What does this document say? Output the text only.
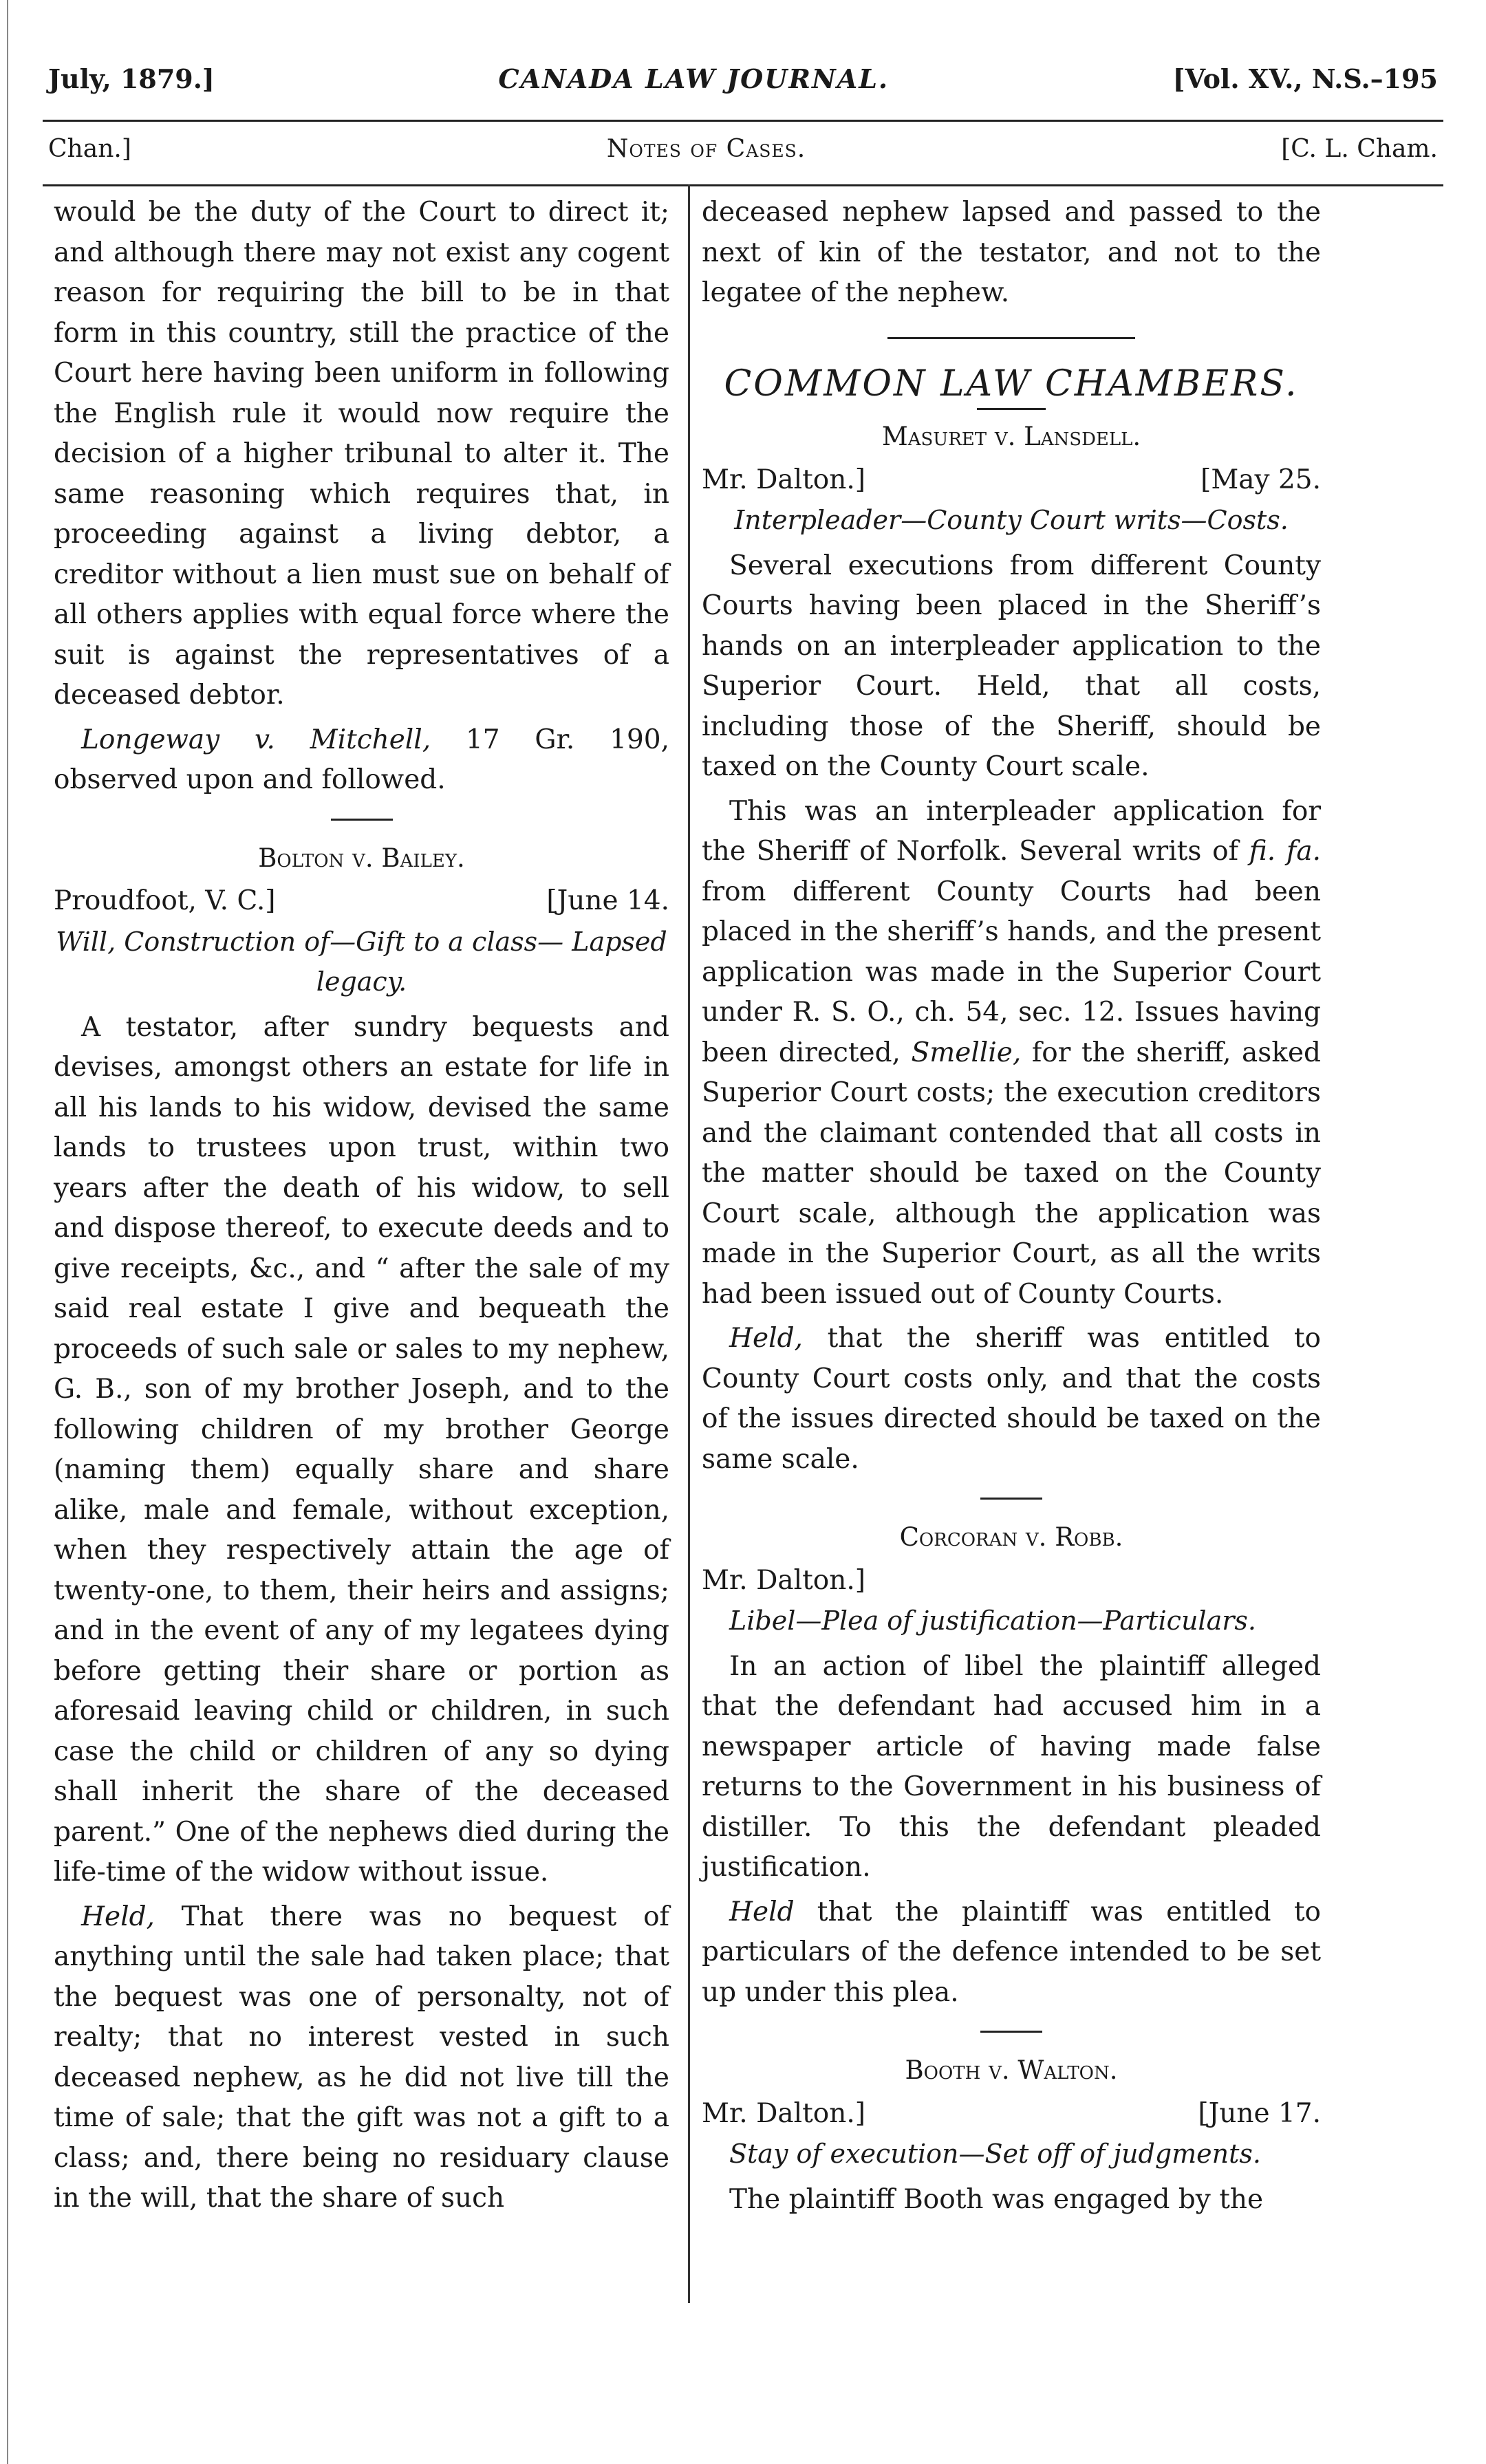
July, 1879.]	CANADA LAW JOURNAL.	[Vol. XV., N.S.–195
Chan.]	Notes of Cases.	[C. L. Cham.

would be the duty of the Court to direct it; and although there may not exist any cogent reason for requiring the bill to be in that form in this country, still the practice of the Court here having been uniform in following the English rule it would now require the decision of a higher tribunal to alter it. The same reasoning which requires that, in proceeding against a living debtor, a creditor without a lien must sue on behalf of all others applies with equal force where the suit is against the representatives of a deceased debtor.

Longeway v. Mitchell, 17 Gr. 190, observed upon and followed.

Bolton v. Bailey.
Proudfoot, V. C.]	[June 14.
Will, Construction of—Gift to a class— Lapsed legacy.

A testator, after sundry bequests and devises, amongst others an estate for life in all his lands to his widow, devised the same lands to trustees upon trust, within two years after the death of his widow, to sell and dispose thereof, to execute deeds and to give receipts, &c., and “ after the sale of my said real estate I give and bequeath the proceeds of such sale or sales to my nephew, G. B., son of my brother Joseph, and to the following children of my brother George (naming them) equally share and share alike, male and female, without exception, when they respectively attain the age of twenty-one, to them, their heirs and assigns; and in the event of any of my legatees dying before getting their share or portion as aforesaid leaving child or children, in such case the child or children of any so dying shall inherit the share of the deceased parent.” One of the nephews died during the life-time of the widow without issue.

Held, That there was no bequest of anything until the sale had taken place; that the bequest was one of personalty, not of realty; that no interest vested in such deceased nephew, as he did not live till the time of sale; that the gift was not a gift to a class; and, there being no residuary clause in the will, that the share of such

deceased nephew lapsed and passed to the next of kin of the testator, and not to the legatee of the nephew.

COMMON LAW CHAMBERS.
Masuret v. Lansdell.
Mr. Dalton.]	[May 25.
Interpleader—County Court writs—Costs.

Several executions from different County Courts having been placed in the Sheriff’s hands on an interpleader application to the Superior Court. Held, that all costs, including those of the Sheriff, should be taxed on the County Court scale.

This was an interpleader application for the Sheriff of Norfolk. Several writs of fi. fa. from different County Courts had been placed in the sheriff’s hands, and the present application was made in the Superior Court under R. S. O., ch. 54, sec. 12. Issues having been directed, Smellie, for the sheriff, asked Superior Court costs; the execution creditors and the claimant contended that all costs in the matter should be taxed on the County Court scale, although the application was made in the Superior Court, as all the writs had been issued out of County Courts.

Held, that the sheriff was entitled to County Court costs only, and that the costs of the issues directed should be taxed on the same scale.

Corcoran v. Robb.
Mr. Dalton.]
Libel—Plea of justification—Particulars.

In an action of libel the plaintiff alleged that the defendant had accused him in a newspaper article of having made false returns to the Government in his business of distiller. To this the defendant pleaded justification.

Held that the plaintiff was entitled to particulars of the defence intended to be set up under this plea.

Booth v. Walton.
Mr. Dalton.]	[June 17.
Stay of execution—Set off of judgments.

The plaintiff Booth was engaged by the
